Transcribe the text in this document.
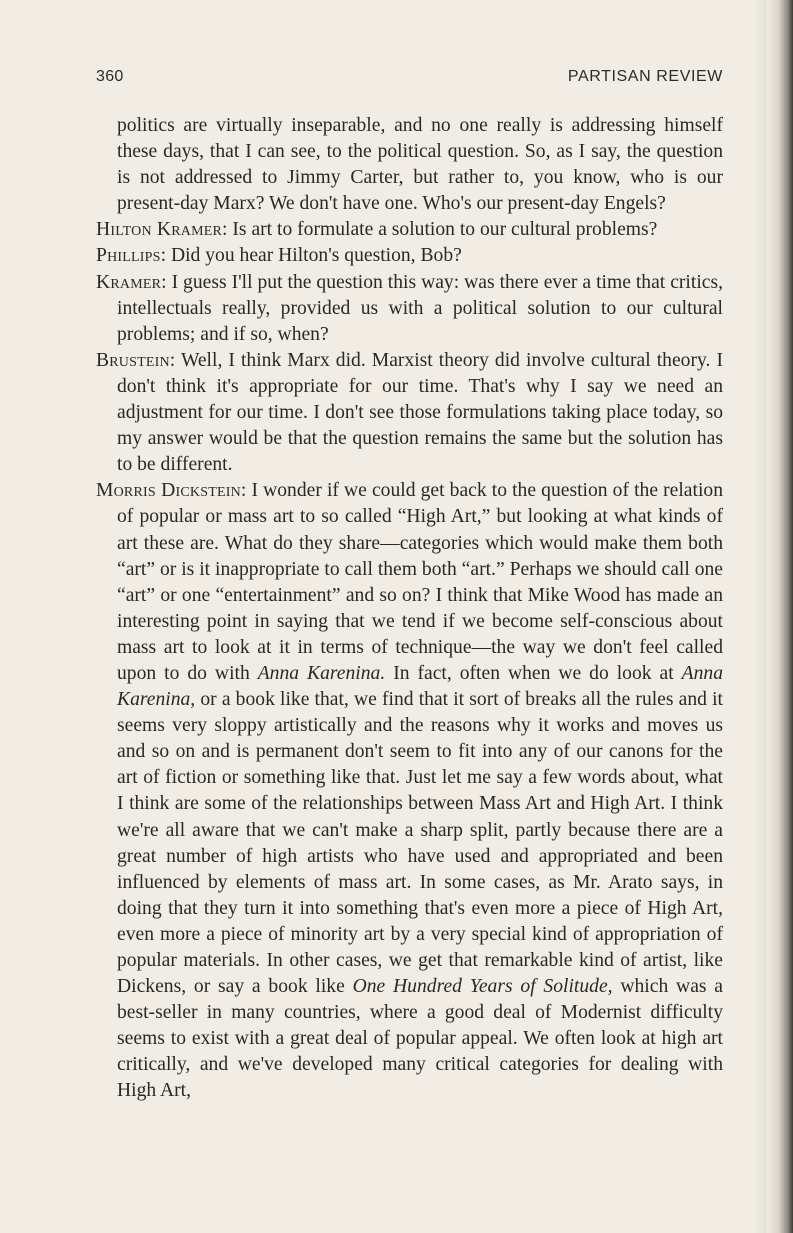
360	PARTISAN REVIEW

politics are virtually inseparable, and no one really is addressing himself these days, that I can see, to the political question. So, as I say, the question is not addressed to Jimmy Carter, but rather to, you know, who is our present-day Marx? We don't have one. Who's our present-day Engels?

Hilton Kramer: Is art to formulate a solution to our cultural problems?

Phillips: Did you hear Hilton's question, Bob?

Kramer: I guess I'll put the question this way: was there ever a time that critics, intellectuals really, provided us with a political solution to our cultural problems; and if so, when?

Brustein: Well, I think Marx did. Marxist theory did involve cultural theory. I don't think it's appropriate for our time. That's why I say we need an adjustment for our time. I don't see those formulations taking place today, so my answer would be that the question remains the same but the solution has to be different.

Morris Dickstein: I wonder if we could get back to the question of the relation of popular or mass art to so called “High Art,” but looking at what kinds of art these are. What do they share—categories which would make them both “art” or is it inappropriate to call them both “art.” Perhaps we should call one “art” or one “entertainment” and so on? I think that Mike Wood has made an interesting point in saying that we tend if we become self-conscious about mass art to look at it in terms of technique—the way we don't feel called upon to do with Anna Karenina. In fact, often when we do look at Anna Karenina, or a book like that, we find that it sort of breaks all the rules and it seems very sloppy artistically and the reasons why it works and moves us and so on and is permanent don't seem to fit into any of our canons for the art of fiction or something like that. Just let me say a few words about, what I think are some of the relationships between Mass Art and High Art. I think we're all aware that we can't make a sharp split, partly because there are a great number of high artists who have used and appropriated and been influenced by elements of mass art. In some cases, as Mr. Arato says, in doing that they turn it into something that's even more a piece of High Art, even more a piece of minority art by a very special kind of appropriation of popular materials. In other cases, we get that remarkable kind of artist, like Dickens, or say a book like One Hundred Years of Solitude, which was a best-seller in many countries, where a good deal of Modernist difficulty seems to exist with a great deal of popular appeal. We often look at high art critically, and we've developed many critical categories for dealing with High Art,
